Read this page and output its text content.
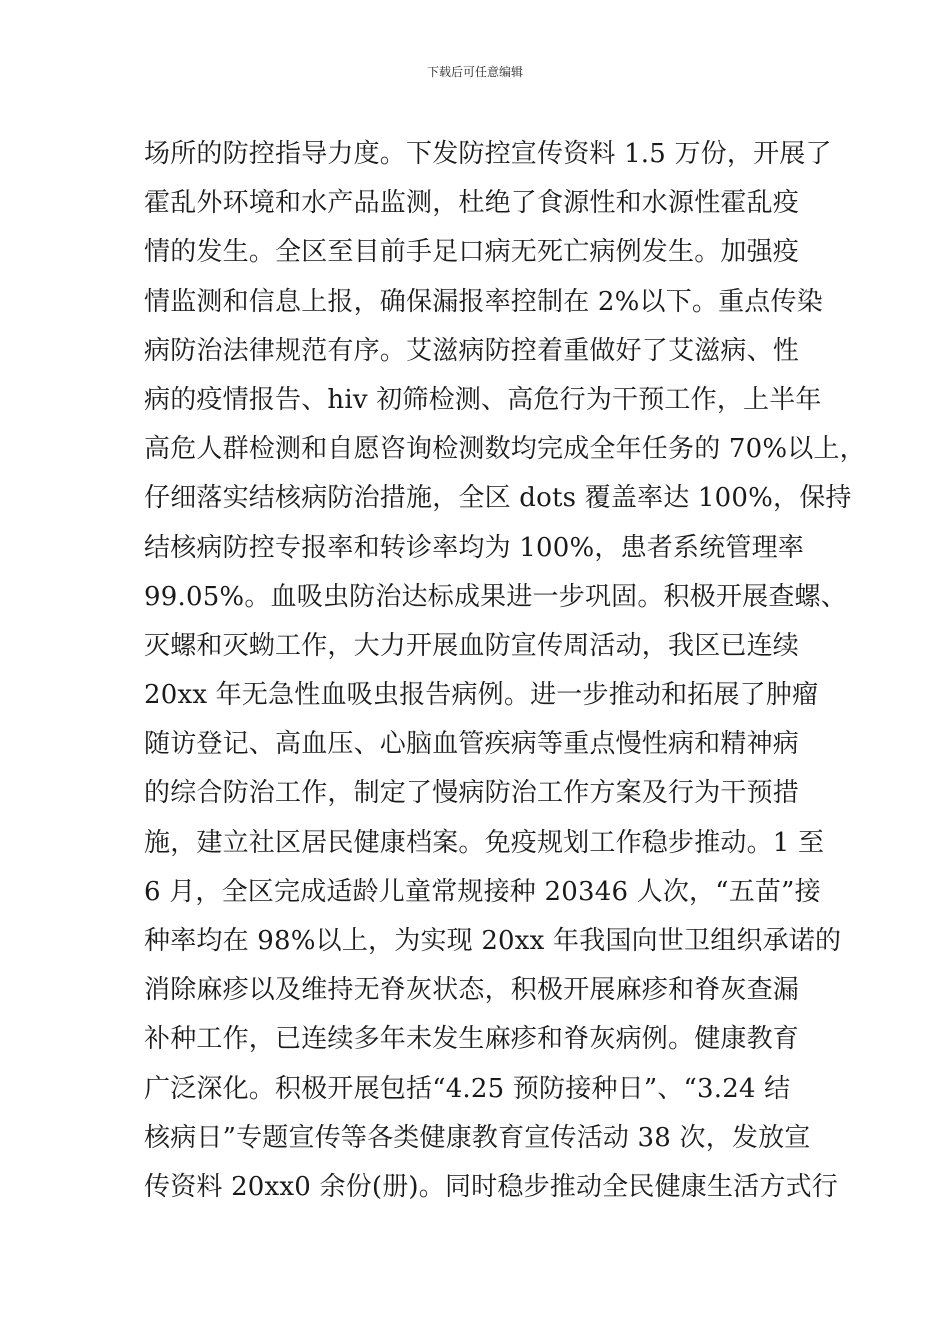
下载后可任意编辑
场所的防控指导力度。下发防控宣传资料 1.5 万份，开展了
霍乱外环境和水产品监测，杜绝了食源性和水源性霍乱疫
情的发生。全区至目前手足口病无死亡病例发生。加强疫
情监测和信息上报，确保漏报率控制在 2%以下。重点传染
病防治法律规范有序。艾滋病防控着重做好了艾滋病、性
病的疫情报告、hiv 初筛检测、高危行为干预工作，上半年
高危人群检测和自愿咨询检测数均完成全年任务的 70%以上，
仔细落实结核病防治措施，全区 dots 覆盖率达 100%，保持
结核病防控专报率和转诊率均为 100%，患者系统管理率
99.05%。血吸虫防治达标成果进一步巩固。积极开展查螺、
灭螺和灭蚴工作，大力开展血防宣传周活动，我区已连续
20xx 年无急性血吸虫报告病例。进一步推动和拓展了肿瘤
随访登记、高血压、心脑血管疾病等重点慢性病和精神病
的综合防治工作，制定了慢病防治工作方案及行为干预措
施，建立社区居民健康档案。免疫规划工作稳步推动。1 至
6 月，全区完成适龄儿童常规接种 20346 人次，“五苗”接
种率均在 98%以上，为实现 20xx 年我国向世卫组织承诺的
消除麻疹以及维持无脊灰状态，积极开展麻疹和脊灰查漏
补种工作，已连续多年未发生麻疹和脊灰病例。健康教育
广泛深化。积极开展包括“4.25 预防接种日”、“3.24 结
核病日”专题宣传等各类健康教育宣传活动 38 次，发放宣
传资料 20xx0 余份(册)。同时稳步推动全民健康生活方式行
